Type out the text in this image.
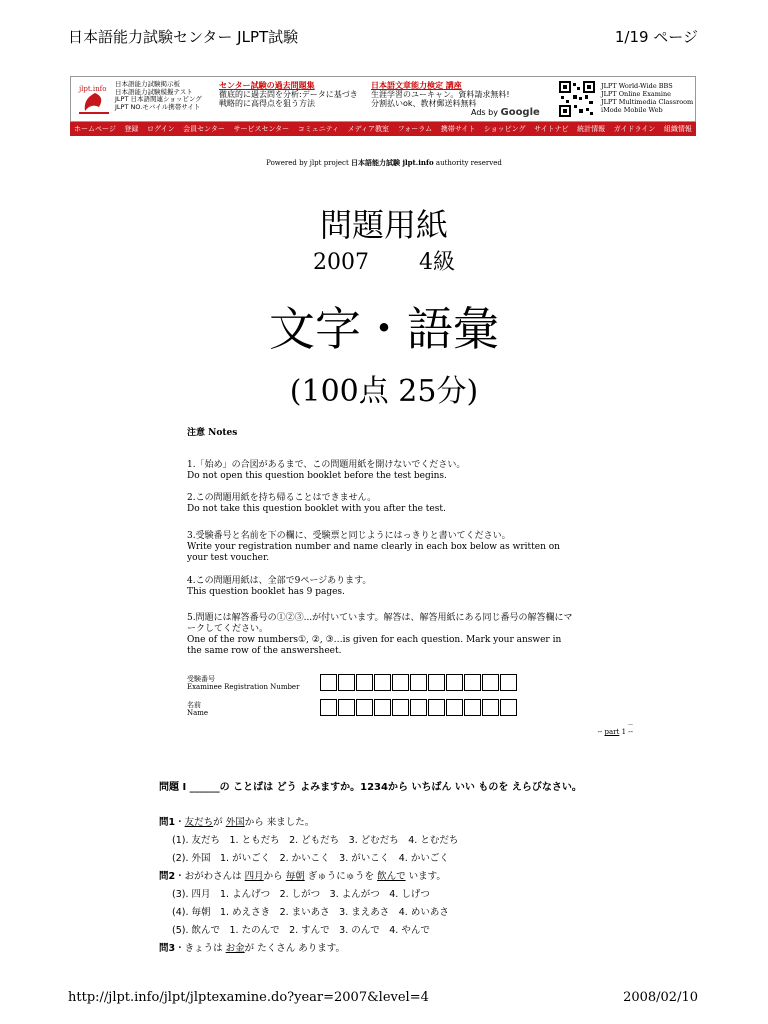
日本語能力試験センター JLPT試験	1/19 ページ
jlpt.info
日本語能力試験掲示板
日本語能力試験模擬テスト
JLPT 日本語関連ショッピング
JLPT NO.モバイル携帯サイト
センター試験の過去問題集
徹底的に過去問を分析:データに基づき
戦略的に高得点を狙う方法
日本語文章能力検定 講座
生涯学習のユーキャン。資料請求無料!
分割払いok、教材郵送料無料
Ads by Google
JLPT World-Wide BBS
JLPT Online Examine
JLPT Multimedia Classroom
iMode Mobile Web
ホームページ 登録 ログイン 会員センター サービスセンター コミュニティ メディア教室 フォーラム 携帯サイト ショッピング サイトナビ 統計情報 ガイドライン 組織情報
Powered by jlpt project 日本語能力試験 jlpt.info authority reserved
問題用紙
2007 4級
文字・語彙
(100点 25分)
注意 Notes
1.「始め」の合図があるまで、この問題用紙を開けないでください。
Do not open this question booklet before the test begins.
2.この問題用紙を持ち帰ることはできません。
Do not take this question booklet with you after the test.
3.受験番号と名前を下の欄に、受験票と同じようにはっきりと書いてください。
Write your registration number and name clearly in each box below as written on your test voucher.
4.この問題用紙は、全部で9ページあります。
This question booklet has 9 pages.
5.問題には解答番号の①②③...が付いています。解答は、解答用紙にある同じ番号の解答欄にマークしてください。
One of the row numbers①, ②, ③…is given for each question. Mark your answer in the same row of the answersheet.
受験番号
Examinee Registration Number
名前
Name
—
-- part 1 --
問題 I ______の ことばは どう よみますか。1234から いちばん いい ものを えらびなさい。
問1・友だちが 外国から 来ました。
(1). 友だち　1. ともだち　2. どもだち　3. どむだち　4. とむだち
(2). 外国　1. がいごく　2. かいこく　3. がいこく　4. かいごく
問2・おがわさんは 四月から 毎朝 ぎゅうにゅうを 飲んで います。
(3). 四月　1. よんげつ　2. しがつ　3. よんがつ　4. しげつ
(4). 毎朝　1. めえさき　2. まいあさ　3. まえあさ　4. めいあさ
(5). 飲んで　1. たのんで　2. すんで　3. のんで　4. やんで
問3・きょうは お金が たくさん あります。
http://jlpt.info/jlpt/jlptexamine.do?year=2007&level=4	2008/02/10
